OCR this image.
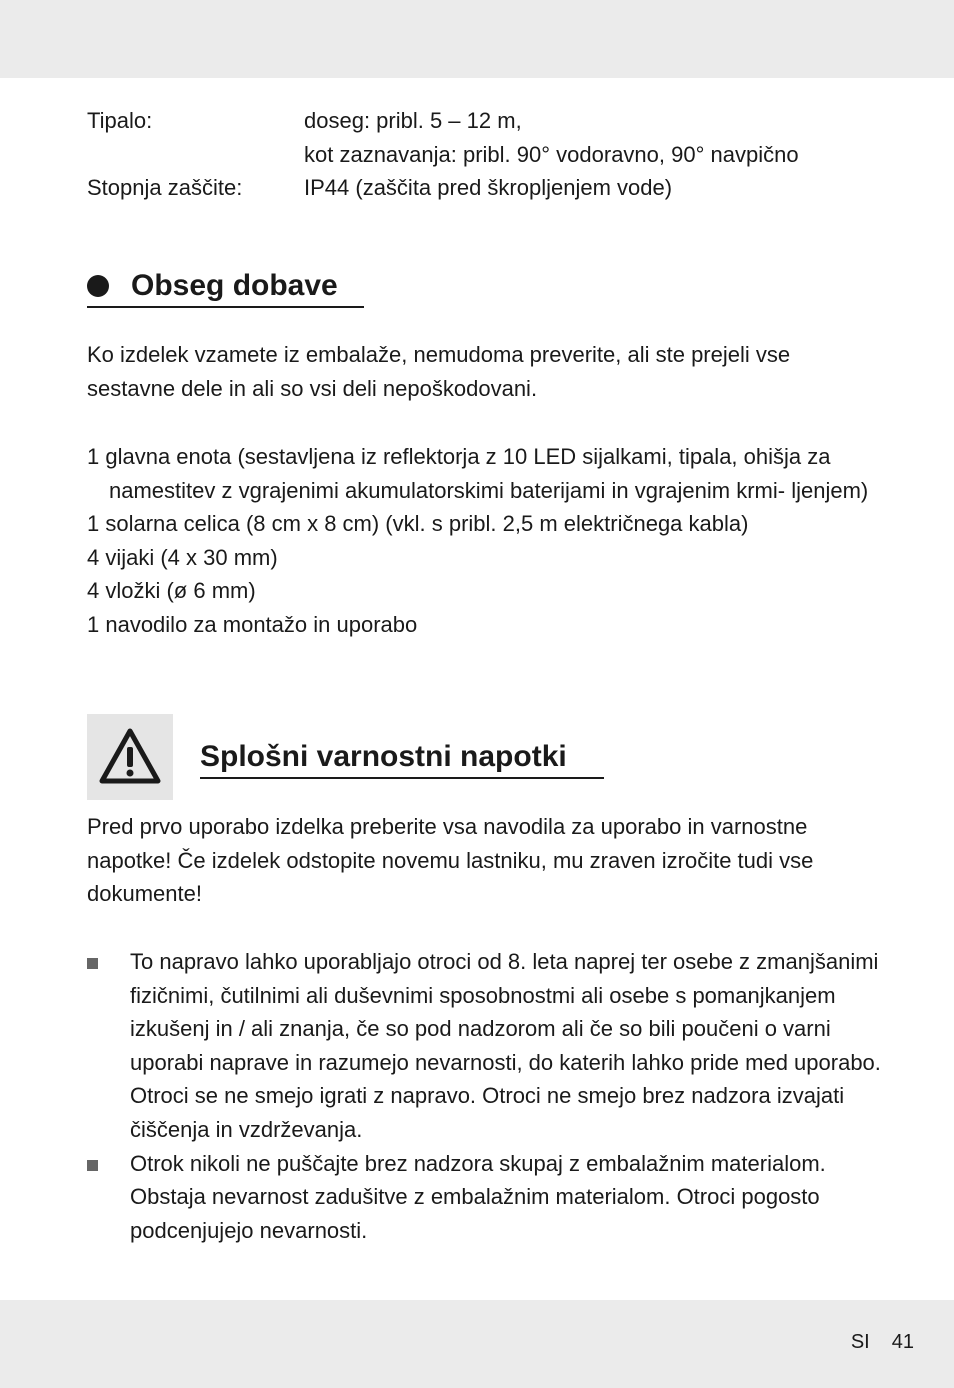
Tipalo:	doseg: pribl. 5 – 12 m,
kot zaznavanja: pribl. 90° vodoravno, 90° navpično
Stopnja zaščite:	IP44 (zaščita pred škropljenjem vode)
Obseg dobave
Ko izdelek vzamete iz embalaže, nemudoma preverite, ali ste prejeli vse sestavne dele in ali so vsi deli nepoškodovani.
1 glavna enota (sestavljena iz reflektorja z 10 LED sijalkami, tipala, ohišja za namestitev z vgrajenimi akumulatorskimi baterijami in vgrajenim krmi- ljenjem)
1 solarna celica (8 cm x 8 cm) (vkl. s pribl. 2,5 m električnega kabla)
4 vijaki (4 x 30 mm)
4 vložki (ø 6 mm)
1 navodilo za montažo in uporabo
Splošni varnostni napotki
Pred prvo uporabo izdelka preberite vsa navodila za uporabo in varnostne napotke! Če izdelek odstopite novemu lastniku, mu zraven izročite tudi vse dokumente!
To napravo lahko uporabljajo otroci od 8. leta naprej ter osebe z zmanjšanimi fizičnimi, čutilnimi ali duševnimi sposobnostmi ali osebe s pomanjkanjem izkušenj in / ali znanja, če so pod nadzorom ali če so bili poučeni o varni uporabi naprave in razumejo nevarnosti, do katerih lahko pride med uporabo. Otroci se ne smejo igrati z napravo. Otroci ne smejo brez nadzora izvajati čiščenja in vzdrževanja.
Otrok nikoli ne puščajte brez nadzora skupaj z embalažnim materialom. Obstaja nevarnost zadušitve z embalažnim materialom. Otroci pogosto podcenjujejo nevarnosti.
SI 41
